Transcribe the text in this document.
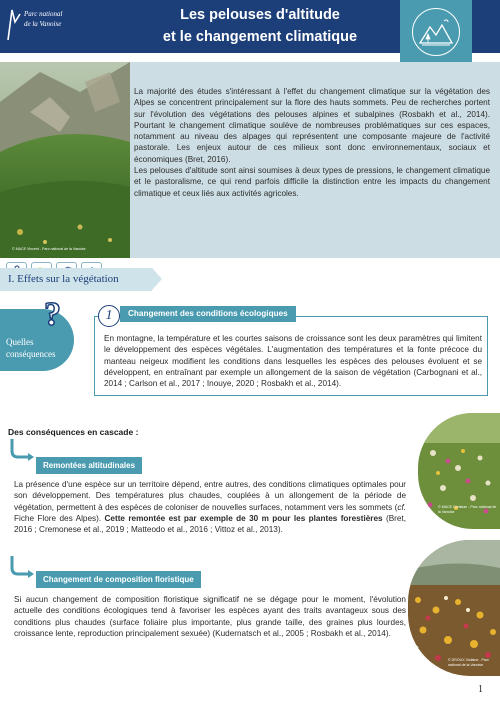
Parc national
de la Vanoise
Les pelouses d'altitude
et le changement climatique
© MACE Vincent - Parc national de la Vanoise

La majorité des études s'intéressant à l'effet du changement climatique sur la végétation des Alpes se concentrent principalement sur la flore des hauts sommets. Peu de recherches portent sur l'évolution des végétations des pelouses alpines et subalpines (Rosbakh et al., 2014). Pourtant le changement climatique soulève de nombreuses problématiques sur ces espaces, notamment au niveau des alpages qui représentent une composante majeure de l'activité pastorale. Les enjeux autour de ces milieux sont donc environnementaux, sociaux et économiques (Bret, 2016).

Les pelouses d'altitude sont ainsi soumises à deux types de pressions, le changement climatique et le pastoralisme, ce qui rend parfois difficile la distinction entre les impacts du changement climatique et ceux liés aux activités agricoles.

I. Effets sur la végétation
?
Quelles
conséquences
1	Changement des conditions écologiques
En montagne, la température et les courtes saisons de croissance sont les deux paramètres qui limitent le développement des espèces végétales. L'augmentation des températures et la fonte précoce du manteau neigeux modifient les conditions dans lesquelles les espèces des pelouses évoluent et se développent, en entraînant par exemple un allongement de la saison de végétation (Carbognani et al., 2014 ; Carlson et al., 2017 ; Inouye, 2020 ; Rosbakh et al., 2014).
Des conséquences en cascade :
Remontées altitudinales
La présence d'une espèce sur un territoire dépend, entre autres, des conditions climatiques optimales pour son développement. Des températures plus chaudes, couplées à un allongement de la période de végétation, permettent à des espèces de coloniser de nouvelles surfaces, notamment vers les sommets (cf. Fiche Flore des Alpes). Cette remontée est par exemple de 30 m pour les plantes forestières (Bret, 2016 ; Cremonese et al., 2019 ; Matteodo et al., 2016 ; Vittoz et al., 2013).
Changement de composition floristique
Si aucun changement de composition floristique significatif ne se dégage pour le moment, l'évolution actuelle des conditions écologiques tend à favoriser les espèces ayant des traits avantageux sous des conditions plus chaudes (surface foliaire plus importante, plus grande taille, des graines plus lourdes, croissance lente, reproduction principalement sexuée) (Kudernatsch et al., 2005 ; Rosbakh et al., 2014).
© MACE Christian - Parc national de la Vanoise
© DROUX Violaine - Parc national de la Vanoise
1
